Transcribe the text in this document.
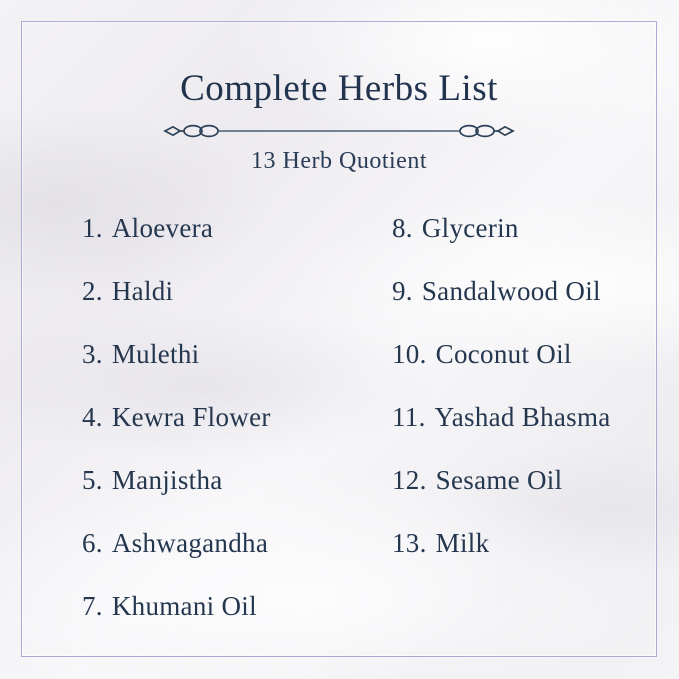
Complete Herbs List
13 Herb Quotient
1. Aloevera
2. Haldi
3. Mulethi
4. Kewra Flower
5. Manjistha
6. Ashwagandha
7. Khumani Oil
8. Glycerin
9. Sandalwood Oil
10. Coconut Oil
11. Yashad Bhasma
12. Sesame Oil
13. Milk
